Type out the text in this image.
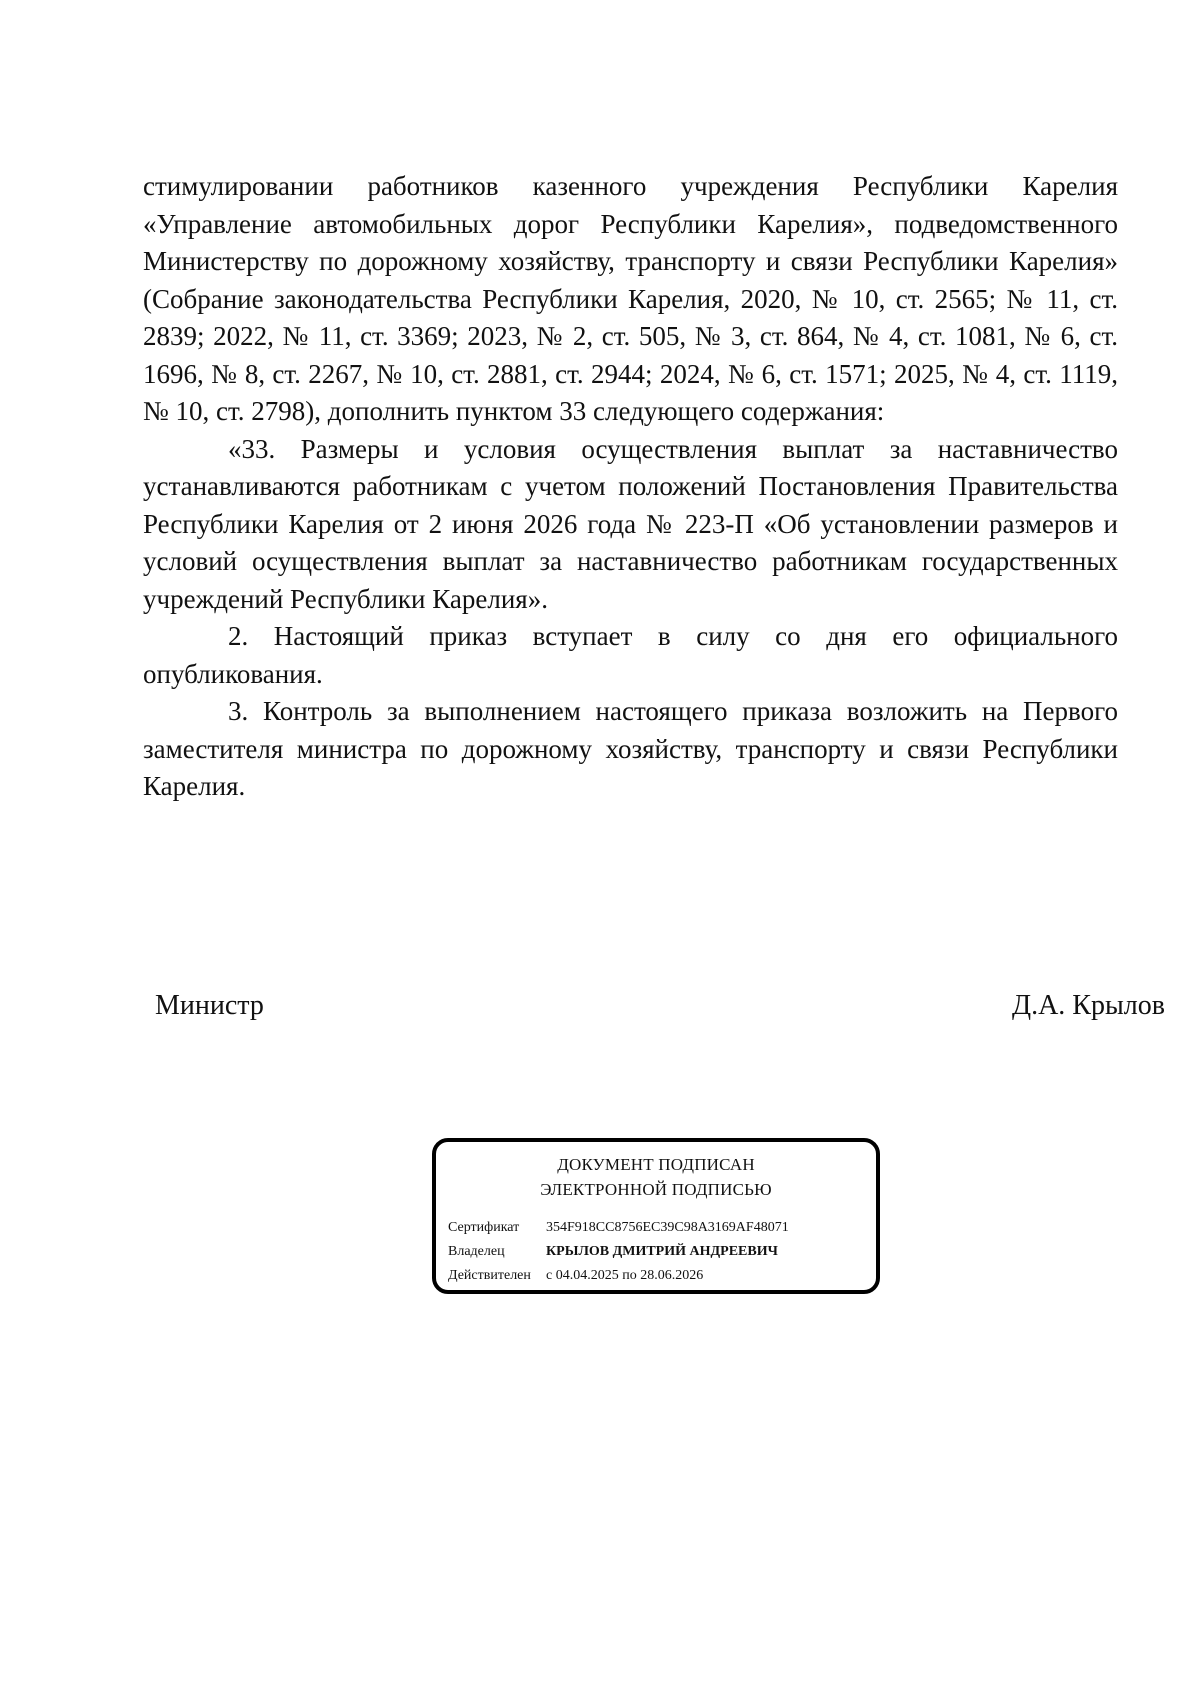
стимулировании работников казенного учреждения Республики Карелия «Управление автомобильных дорог Республики Карелия», подведомственного Министерству по дорожному хозяйству, транспорту и связи Республики Карелия» (Собрание законодательства Республики Карелия, 2020, № 10, ст. 2565; № 11, ст. 2839; 2022, № 11, ст. 3369; 2023, № 2, ст. 505, № 3, ст. 864, № 4, ст. 1081, № 6, ст. 1696, № 8, ст. 2267, № 10, ст. 2881, ст. 2944; 2024, № 6, ст. 1571; 2025, № 4, ст. 1119, № 10, ст. 2798), дополнить пунктом 33 следующего содержания:

«33. Размеры и условия осуществления выплат за наставничество устанавливаются работникам с учетом положений Постановления Правительства Республики Карелия от 2 июня 2026 года № 223-П «Об установлении размеров и условий осуществления выплат за наставничество работникам государственных учреждений Республики Карелия».

2. Настоящий приказ вступает в силу со дня его официального опубликования.

3. Контроль за выполнением настоящего приказа возложить на Первого заместителя министра по дорожному хозяйству, транспорту и связи Республики Карелия.

Министр	Д.А. Крылов
ДОКУМЕНТ ПОДПИСАН
ЭЛЕКТРОННОЙ ПОДПИСЬЮ
Сертификат 354F918CC8756EC39C98A3169AF48071
Владелец	КРЫЛОВ ДМИТРИЙ АНДРЕЕВИЧ
Действителен с 04.04.2025 по 28.06.2026
